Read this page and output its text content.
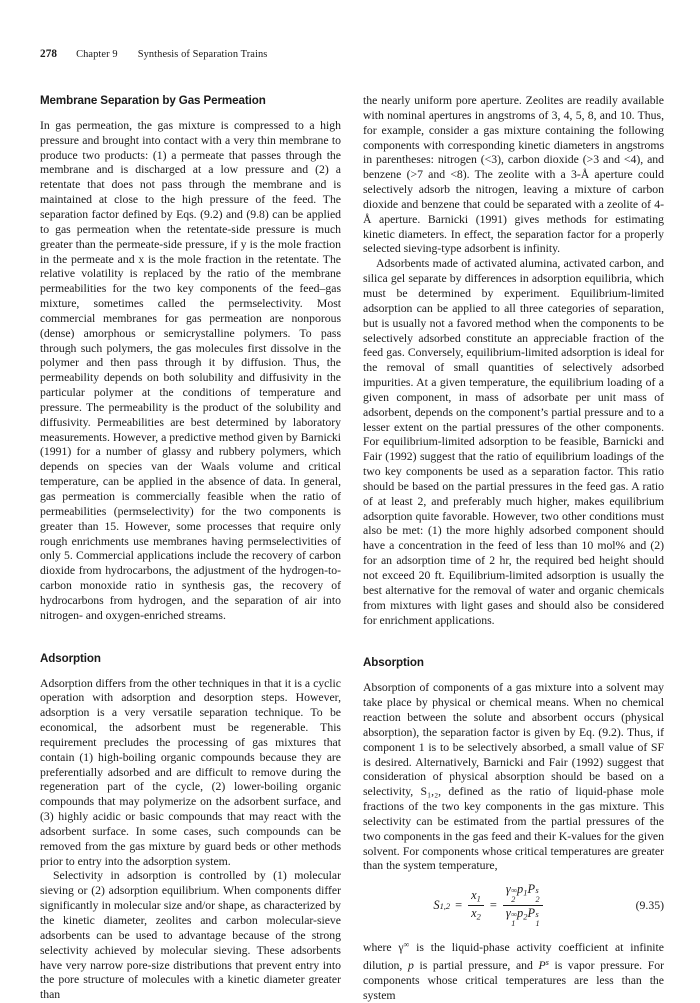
278 Chapter 9 Synthesis of Separation Trains
Membrane Separation by Gas Permeation

In gas permeation, the gas mixture is compressed to a high pressure and brought into contact with a very thin membrane to produce two products: (1) a permeate that passes through the membrane and is discharged at a low pressure and (2) a retentate that does not pass through the membrane and is maintained at close to the high pressure of the feed. The separation factor defined by Eqs. (9.2) and (9.8) can be applied to gas permeation when the retentate-side pressure is much greater than the permeate-side pressure, if y is the mole fraction in the permeate and x is the mole fraction in the retentate. The relative volatility is replaced by the ratio of the membrane permeabilities for the two key components of the feed–gas mixture, sometimes called the permselectivity. Most commercial membranes for gas permeation are nonporous (dense) amorphous or semicrystalline polymers. To pass through such polymers, the gas molecules first dissolve in the polymer and then pass through it by diffusion. Thus, the permeability depends on both solubility and diffusivity in the particular polymer at the conditions of temperature and pressure. The permeability is the product of the solubility and diffusivity. Permeabilities are best determined by laboratory measurements. However, a predictive method given by Barnicki (1991) for a number of glassy and rubbery polymers, which depends on species van der Waals volume and critical temperature, can be applied in the absence of data. In general, gas permeation is commercially feasible when the ratio of permeabilities (permselectivity) for the two components is greater than 15. However, some processes that require only rough enrichments use membranes having permselectivities of only 5. Commercial applications include the recovery of carbon dioxide from hydrocarbons, the adjustment of the hydrogen-to-carbon monoxide ratio in synthesis gas, the recovery of hydrocarbons from hydrogen, and the separation of air into nitrogen- and oxygen-enriched streams.

Adsorption

Adsorption differs from the other techniques in that it is a cyclic operation with adsorption and desorption steps. However, adsorption is a very versatile separation technique. To be economical, the adsorbent must be regenerable. This requirement precludes the processing of gas mixtures that contain (1) high-boiling organic compounds because they are preferentially adsorbed and are difficult to remove during the regeneration part of the cycle, (2) lower-boiling organic compounds that may polymerize on the adsorbent surface, and (3) highly acidic or basic compounds that may react with the adsorbent surface. In some cases, such compounds can be removed from the gas mixture by guard beds or other methods prior to entry into the adsorption system.

Selectivity in adsorption is controlled by (1) molecular sieving or (2) adsorption equilibrium. When components differ significantly in molecular size and/or shape, as characterized by the kinetic diameter, zeolites and carbon molecular-sieve adsorbents can be used to advantage because of the strong selectivity achieved by molecular sieving. These adsorbents have very narrow pore-size distributions that prevent entry into the pore structure of molecules with a kinetic diameter greater than

the nearly uniform pore aperture. Zeolites are readily available with nominal apertures in angstroms of 3, 4, 5, 8, and 10. Thus, for example, consider a gas mixture containing the following components with corresponding kinetic diameters in angstroms in parentheses: nitrogen (<3), carbon dioxide (>3 and <4), and benzene (>7 and <8). The zeolite with a 3-Å aperture could selectively adsorb the nitrogen, leaving a mixture of carbon dioxide and benzene that could be separated with a zeolite of 4-Å aperture. Barnicki (1991) gives methods for estimating kinetic diameters. In effect, the separation factor for a properly selected sieving-type adsorbent is infinity.

Adsorbents made of activated alumina, activated carbon, and silica gel separate by differences in adsorption equilibria, which must be determined by experiment. Equilibrium-limited adsorption can be applied to all three categories of separation, but is usually not a favored method when the components to be selectively adsorbed constitute an appreciable fraction of the feed gas. Conversely, equilibrium-limited adsorption is ideal for the removal of small quantities of selectively adsorbed impurities. At a given temperature, the equilibrium loading of a given component, in mass of adsorbate per unit mass of adsorbent, depends on the component’s partial pressure and to a lesser extent on the partial pressures of the other components. For equilibrium-limited adsorption to be feasible, Barnicki and Fair (1992) suggest that the ratio of equilibrium loadings of the two key components be used as a separation factor. This ratio should be based on the partial pressures in the feed gas. A ratio of at least 2, and preferably much higher, makes equilibrium adsorption quite favorable. However, two other conditions must also be met: (1) the more highly adsorbed component should have a concentration in the feed of less than 10 mol% and (2) for an adsorption time of 2 hr, the required bed height should not exceed 20 ft. Equilibrium-limited adsorption is usually the best alternative for the removal of water and organic chemicals from mixtures with light gases and should also be considered for enrichment applications.

Absorption

Absorption of components of a gas mixture into a solvent may take place by physical or chemical means. When no chemical reaction between the solute and absorbent occurs (physical absorption), the separation factor is given by Eq. (9.2). Thus, if component 1 is to be selectively absorbed, a small value of SF is desired. Alternatively, Barnicki and Fair (1992) suggest that consideration of physical absorption should be based on a selectivity, S₁,₂, defined as the ratio of liquid-phase mole fractions of the two key components in the gas mixture. This selectivity can be estimated from the partial pressures of the two components in the gas feed and their K-values for the given solvent. For components whose critical temperatures are greater than the system temperature,

S $1,2 = \frac{x_1}{x_2} = \gamma$ ∞
2
$p_1P$ s
2
γ ∞
1
$p_2P$ s
1	(9.35)

where γ∞ is the liquid-phase activity coefficient at infinite dilution, p is partial pressure, and $P^s$ is vapor pressure. For components whose critical temperatures are less than the system
